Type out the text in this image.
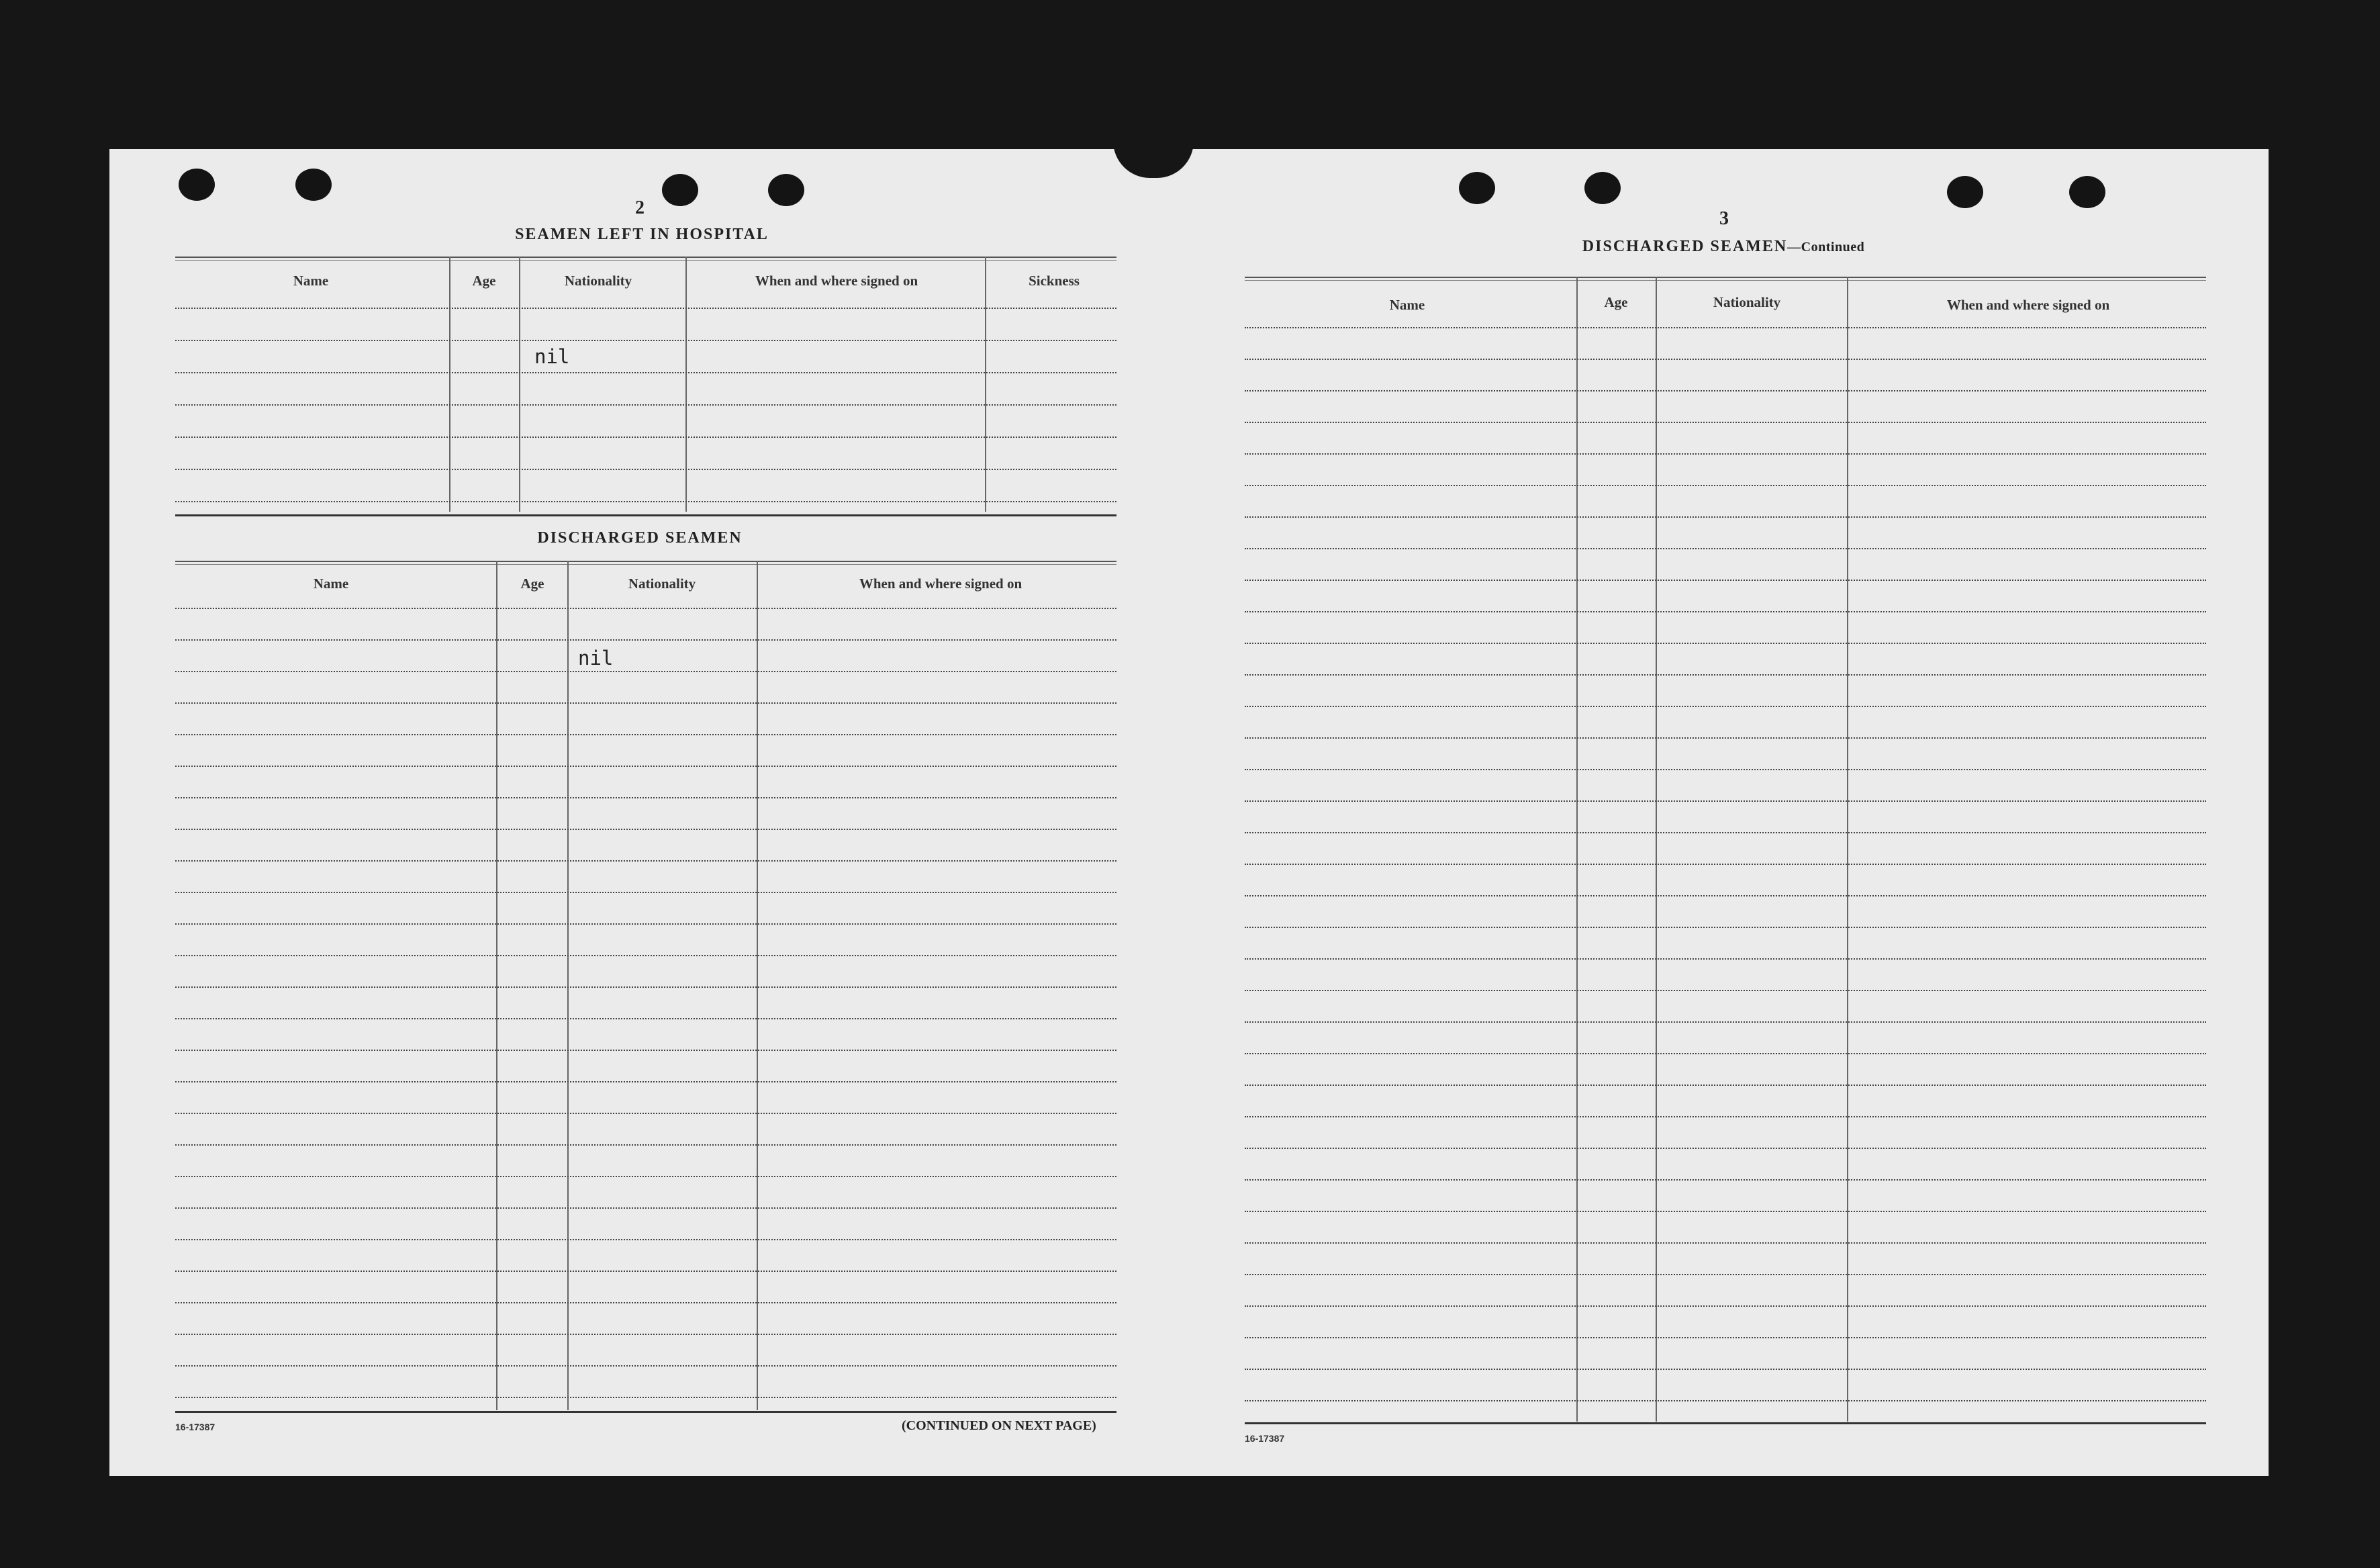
2
SEAMEN LEFT IN HOSPITAL
Name	Age	Nationality	When and where signed on	Sickness
nil
DISCHARGED SEAMEN
Name	Age	Nationality	When and where signed on
nil
16-17387	(CONTINUED ON NEXT PAGE)
3
DISCHARGED SEAMEN—Continued
Name	Age	Nationality	When and where signed on
16-17387
